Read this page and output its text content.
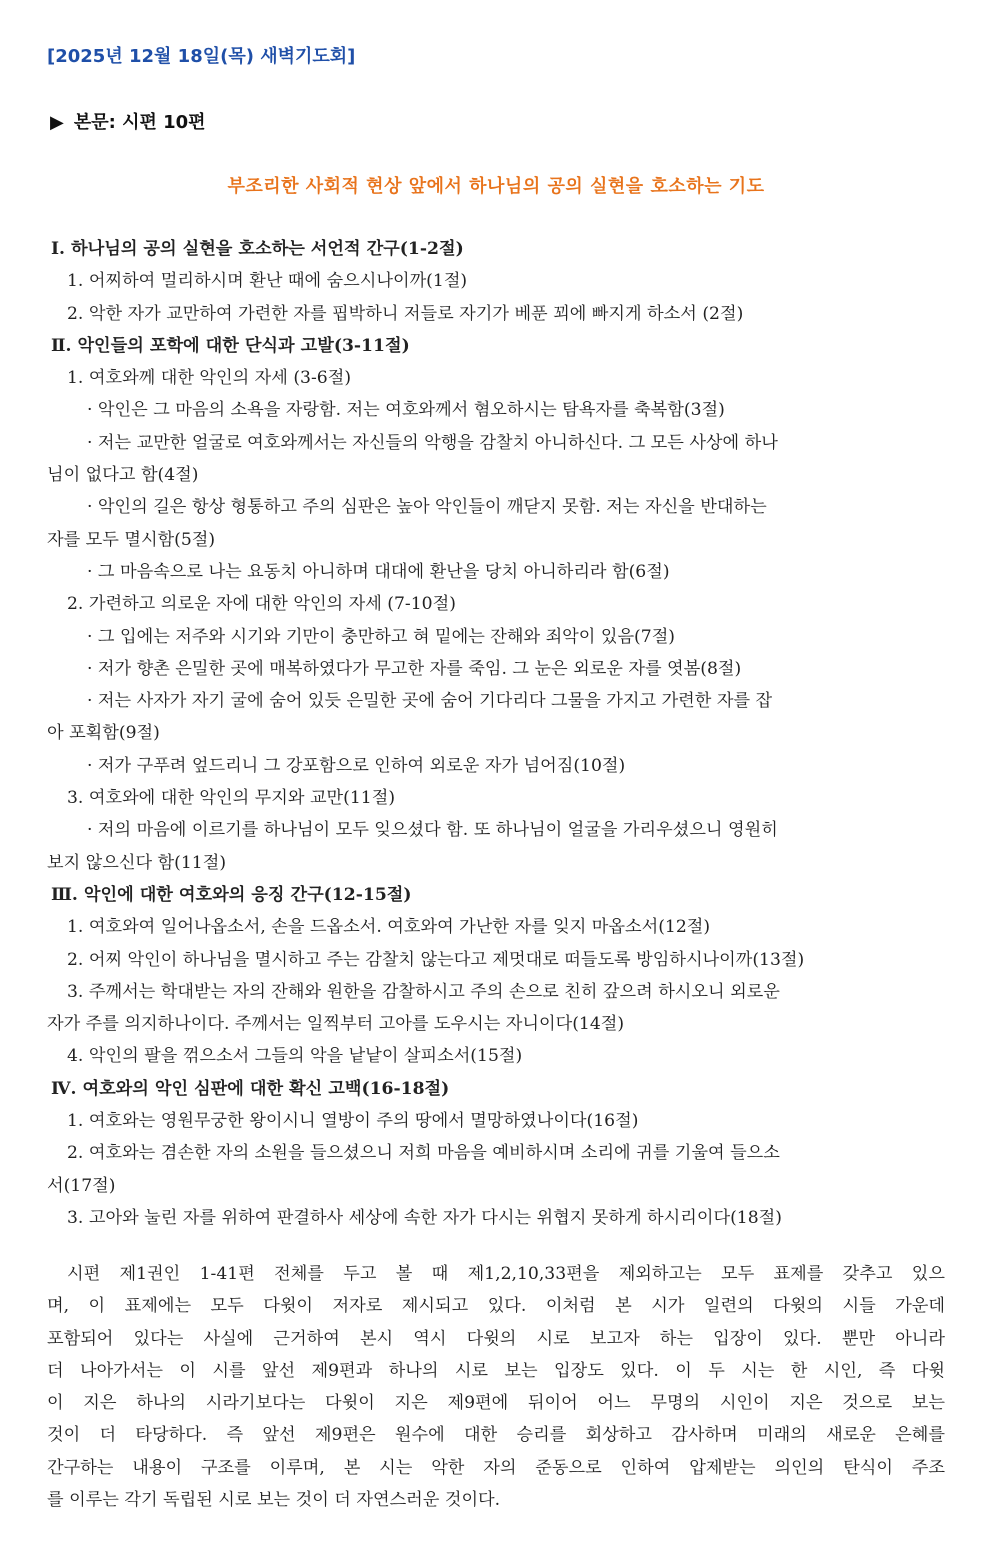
[2025년 12월 18일(목) 새벽기도회]
▶ 본문: 시편 10편
부조리한 사회적 현상 앞에서 하나님의 공의 실현을 호소하는 기도
Ⅰ. 하나님의 공의 실현을 호소하는 서언적 간구(1-2절)
1. 어찌하여 멀리하시며 환난 때에 숨으시나이까(1절)
2. 악한 자가 교만하여 가련한 자를 핍박하니 저들로 자기가 베푼 꾀에 빠지게 하소서 (2절)
Ⅱ. 악인들의 포학에 대한 단식과 고발(3-11절)
1. 여호와께 대한 악인의 자세 (3-6절)
· 악인은 그 마음의 소욕을 자랑함. 저는 여호와께서 혐오하시는 탐욕자를 축복함(3절)
· 저는 교만한 얼굴로 여호와께서는 자신들의 악행을 감찰치 아니하신다. 그 모든 사상에 하나
님이 없다고 함(4절)
· 악인의 길은 항상 형통하고 주의 심판은 높아 악인들이 깨닫지 못함. 저는 자신을 반대하는
자를 모두 멸시함(5절)
· 그 마음속으로 나는 요동치 아니하며 대대에 환난을 당치 아니하리라 함(6절)
2. 가련하고 의로운 자에 대한 악인의 자세 (7-10절)
· 그 입에는 저주와 시기와 기만이 충만하고 혀 밑에는 잔해와 죄악이 있음(7절)
· 저가 향촌 은밀한 곳에 매복하였다가 무고한 자를 죽임. 그 눈은 외로운 자를 엿봄(8절)
· 저는 사자가 자기 굴에 숨어 있듯 은밀한 곳에 숨어 기다리다 그물을 가지고 가련한 자를 잡
아 포획함(9절)
· 저가 구푸려 엎드리니 그 강포함으로 인하여 외로운 자가 넘어짐(10절)
3. 여호와에 대한 악인의 무지와 교만(11절)
· 저의 마음에 이르기를 하나님이 모두 잊으셨다 함. 또 하나님이 얼굴을 가리우셨으니 영원히
보지 않으신다 함(11절)
Ⅲ. 악인에 대한 여호와의 응징 간구(12-15절)
1. 여호와여 일어나옵소서, 손을 드옵소서. 여호와여 가난한 자를 잊지 마옵소서(12절)
2. 어찌 악인이 하나님을 멸시하고 주는 감찰치 않는다고 제멋대로 떠들도록 방임하시나이까(13절)
3. 주께서는 학대받는 자의 잔해와 원한을 감찰하시고 주의 손으로 친히 갚으려 하시오니 외로운
자가 주를 의지하나이다. 주께서는 일찍부터 고아를 도우시는 자니이다(14절)
4. 악인의 팔을 꺾으소서 그들의 악을 낱낱이 살피소서(15절)
Ⅳ. 여호와의 악인 심판에 대한 확신 고백(16-18절)
1. 여호와는 영원무궁한 왕이시니 열방이 주의 땅에서 멸망하였나이다(16절)
2. 여호와는 겸손한 자의 소원을 들으셨으니 저희 마음을 예비하시며 소리에 귀를 기울여 들으소
서(17절)
3. 고아와 눌린 자를 위하여 판결하사 세상에 속한 자가 다시는 위협지 못하게 하시리이다(18절)
시편 제1권인 1-41편 전체를 두고 볼 때 제1,2,10,33편을 제외하고는 모두 표제를 갖추고 있으
며, 이 표제에는 모두 다윗이 저자로 제시되고 있다. 이처럼 본 시가 일련의 다윗의 시들 가운데
포함되어 있다는 사실에 근거하여 본시 역시 다윗의 시로 보고자 하는 입장이 있다. 뿐만 아니라
더 나아가서는 이 시를 앞선 제9편과 하나의 시로 보는 입장도 있다. 이 두 시는 한 시인, 즉 다윗
이 지은 하나의 시라기보다는 다윗이 지은 제9편에 뒤이어 어느 무명의 시인이 지은 것으로 보는
것이 더 타당하다. 즉 앞선 제9편은 원수에 대한 승리를 회상하고 감사하며 미래의 새로운 은혜를
간구하는 내용이 구조를 이루며, 본 시는 악한 자의 준동으로 인하여 압제받는 의인의 탄식이 주조
를 이루는 각기 독립된 시로 보는 것이 더 자연스러운 것이다.
